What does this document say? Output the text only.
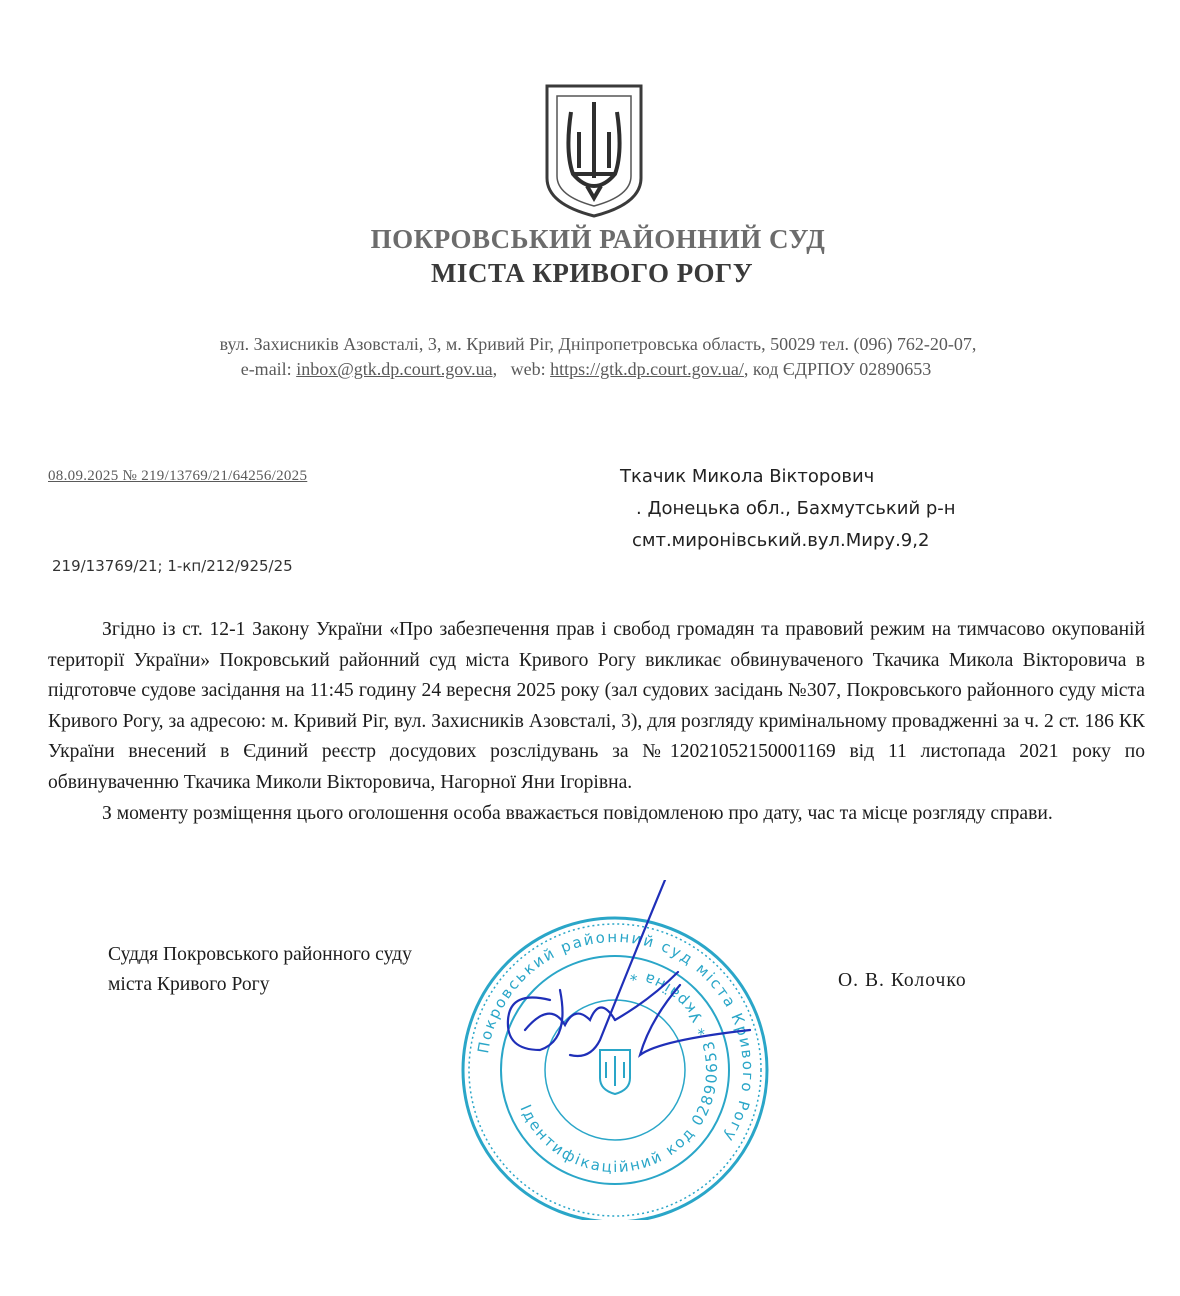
ПОКРОВСЬКИЙ РАЙОННИЙ СУД
МІСТА КРИВОГО РОГУ
вул. Захисників Азовсталі, 3, м. Кривий Ріг, Дніпропетровська область, 50029 тел. (096) 762-20-07,
e-mail: inbox@gtk.dp.court.gov.ua,   web: https://gtk.dp.court.gov.ua/, код ЄДРПОУ 02890653
08.09.2025 № 219/13769/21/64256/2025	Ткачик Микола Вікторович
. Донецька обл., Бахмутський р-н
смт.миронівський.вул.Миру.9,2
219/13769/21; 1-кп/212/925/25

Згідно із ст. 12-1 Закону України «Про забезпечення прав і свобод громадян та правовий режим на тимчасово окупованій території України» Покровський районний суд міста Кривого Рогу викликає обвинуваченого Ткачика Микола Вікторовича в підготовче судове засідання на 11:45 годину 24 вересня 2025 року (зал судових засідань №307, Покровського районного суду міста Кривого Рогу, за адресою: м. Кривий Ріг, вул. Захисників Азовсталі, 3), для розгляду кримінальному провадженні за ч. 2 ст. 186 КК України внесений в Єдиний реєстр досудових розслідувань за №12021052150001169 від 11 листопада 2021 року по обвинуваченню Ткачика Миколи Вікторовича, Нагорної Яни Ігорівна.

З моменту розміщення цього оголошення особа вважається повідомленою про дату, час та місце розгляду справи.

Суддя Покровського районного суду
міста Кривого Рогу	О. В. Колочко
Покровський районний суд міста Кривого Рогу
Ідентифікаційний код 02890653 * Україна *
